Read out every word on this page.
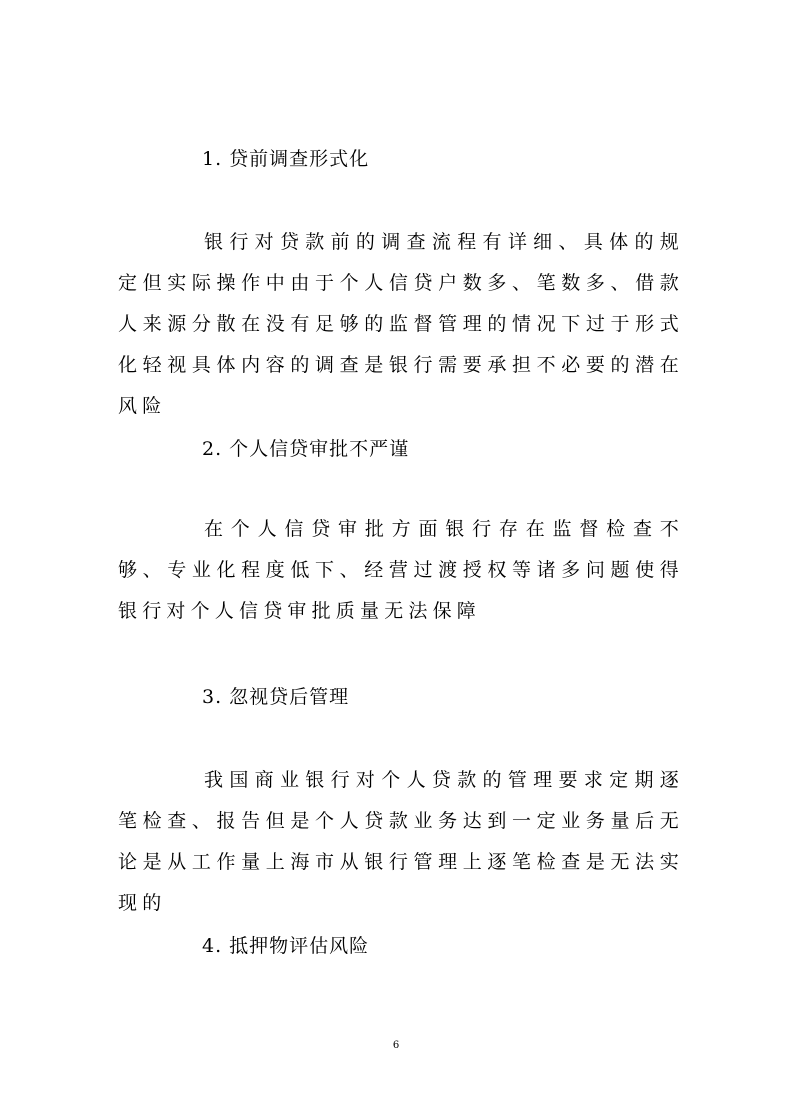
1. 贷前调查形式化

银行对贷款前的调查流程有详细、具体的规定但实际操作中由于个人信贷户数多、笔数多、借款人来源分散在没有足够的监督管理的情况下过于形式化轻视具体内容的调查是银行需要承担不必要的潜在风险

2. 个人信贷审批不严谨

在个人信贷审批方面银行存在监督检查不够、专业化程度低下、经营过渡授权等诸多问题使得银行对个人信贷审批质量无法保障

3. 忽视贷后管理

我国商业银行对个人贷款的管理要求定期逐笔检查、报告但是个人贷款业务达到一定业务量后无论是从工作量上海市从银行管理上逐笔检查是无法实现的

4. 抵押物评估风险
6
